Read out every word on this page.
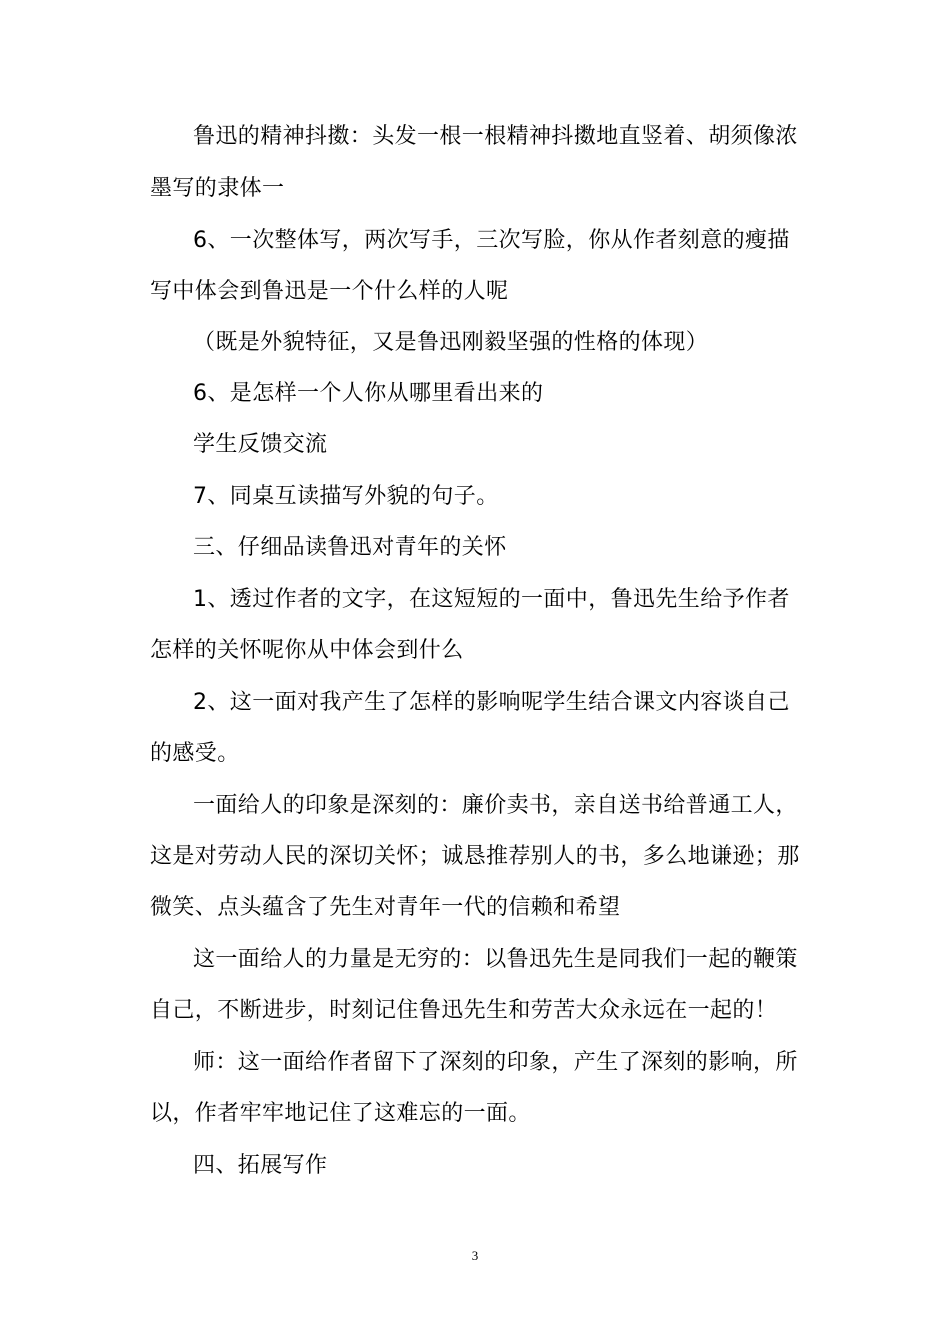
鲁迅的精神抖擞：头发一根一根精神抖擞地直竖着、胡须像浓
墨写的隶体一
6、一次整体写，两次写手，三次写脸，你从作者刻意的瘦描
写中体会到鲁迅是一个什么样的人呢
（既是外貌特征，又是鲁迅刚毅坚强的性格的体现）
6、是怎样一个人你从哪里看出来的
学生反馈交流
7、同桌互读描写外貌的句子。
三、仔细品读鲁迅对青年的关怀
1、透过作者的文字，在这短短的一面中，鲁迅先生给予作者
怎样的关怀呢你从中体会到什么
2、这一面对我产生了怎样的影响呢学生结合课文内容谈自己
的感受。
一面给人的印象是深刻的：廉价卖书，亲自送书给普通工人，
这是对劳动人民的深切关怀；诚恳推荐别人的书，多么地谦逊；那
微笑、点头蕴含了先生对青年一代的信赖和希望
这一面给人的力量是无穷的：以鲁迅先生是同我们一起的鞭策
自己，不断进步，时刻记住鲁迅先生和劳苦大众永远在一起的！
师：这一面给作者留下了深刻的印象，产生了深刻的影响，所
以，作者牢牢地记住了这难忘的一面。
四、拓展写作
3
